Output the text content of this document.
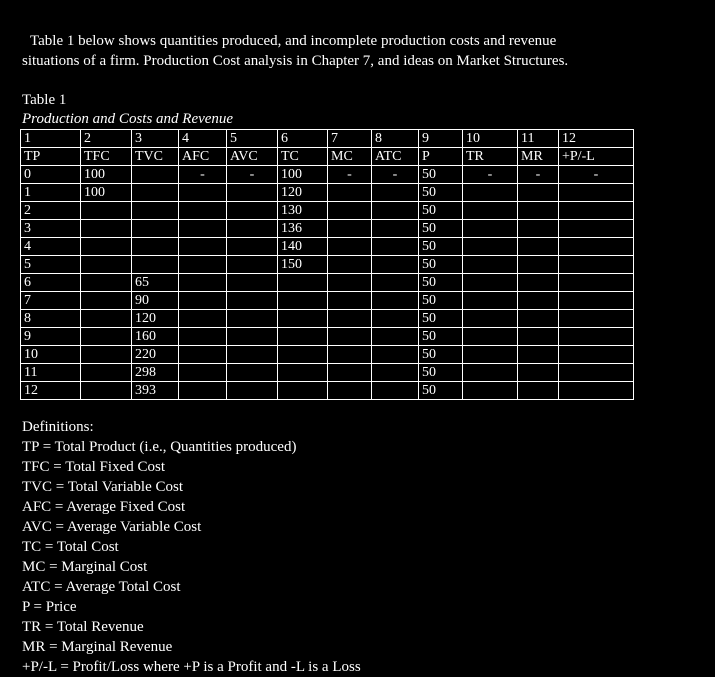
Table 1 below shows quantities produced, and incomplete production costs and revenue
situations of a firm. Production Cost analysis in Chapter 7, and ideas on Market Structures.
Table 1
Production and Costs and Revenue
1	2	3	4	5	6	7	8	9	10	11	12
TP	TFC	TVC	AFC	AVC	TC	MC	ATC	P	TR	MR	+P/-L
0	100		-	-	100	-	-	50	-	-	-
1	100				120			50			
2					130			50			
3					136			50			
4					140			50			
5					150			50			
6		65						50			
7		90						50			
8		120						50			
9		160						50			
10		220						50			
11		298						50			
12		393						50			
Definitions:
TP = Total Product (i.e., Quantities produced)
TFC = Total Fixed Cost
TVC = Total Variable Cost
AFC = Average Fixed Cost
AVC = Average Variable Cost
TC = Total Cost
MC = Marginal Cost
ATC = Average Total Cost
P = Price
TR = Total Revenue
MR = Marginal Revenue
+P/-L = Profit/Loss where +P is a Profit and -L is a Loss
